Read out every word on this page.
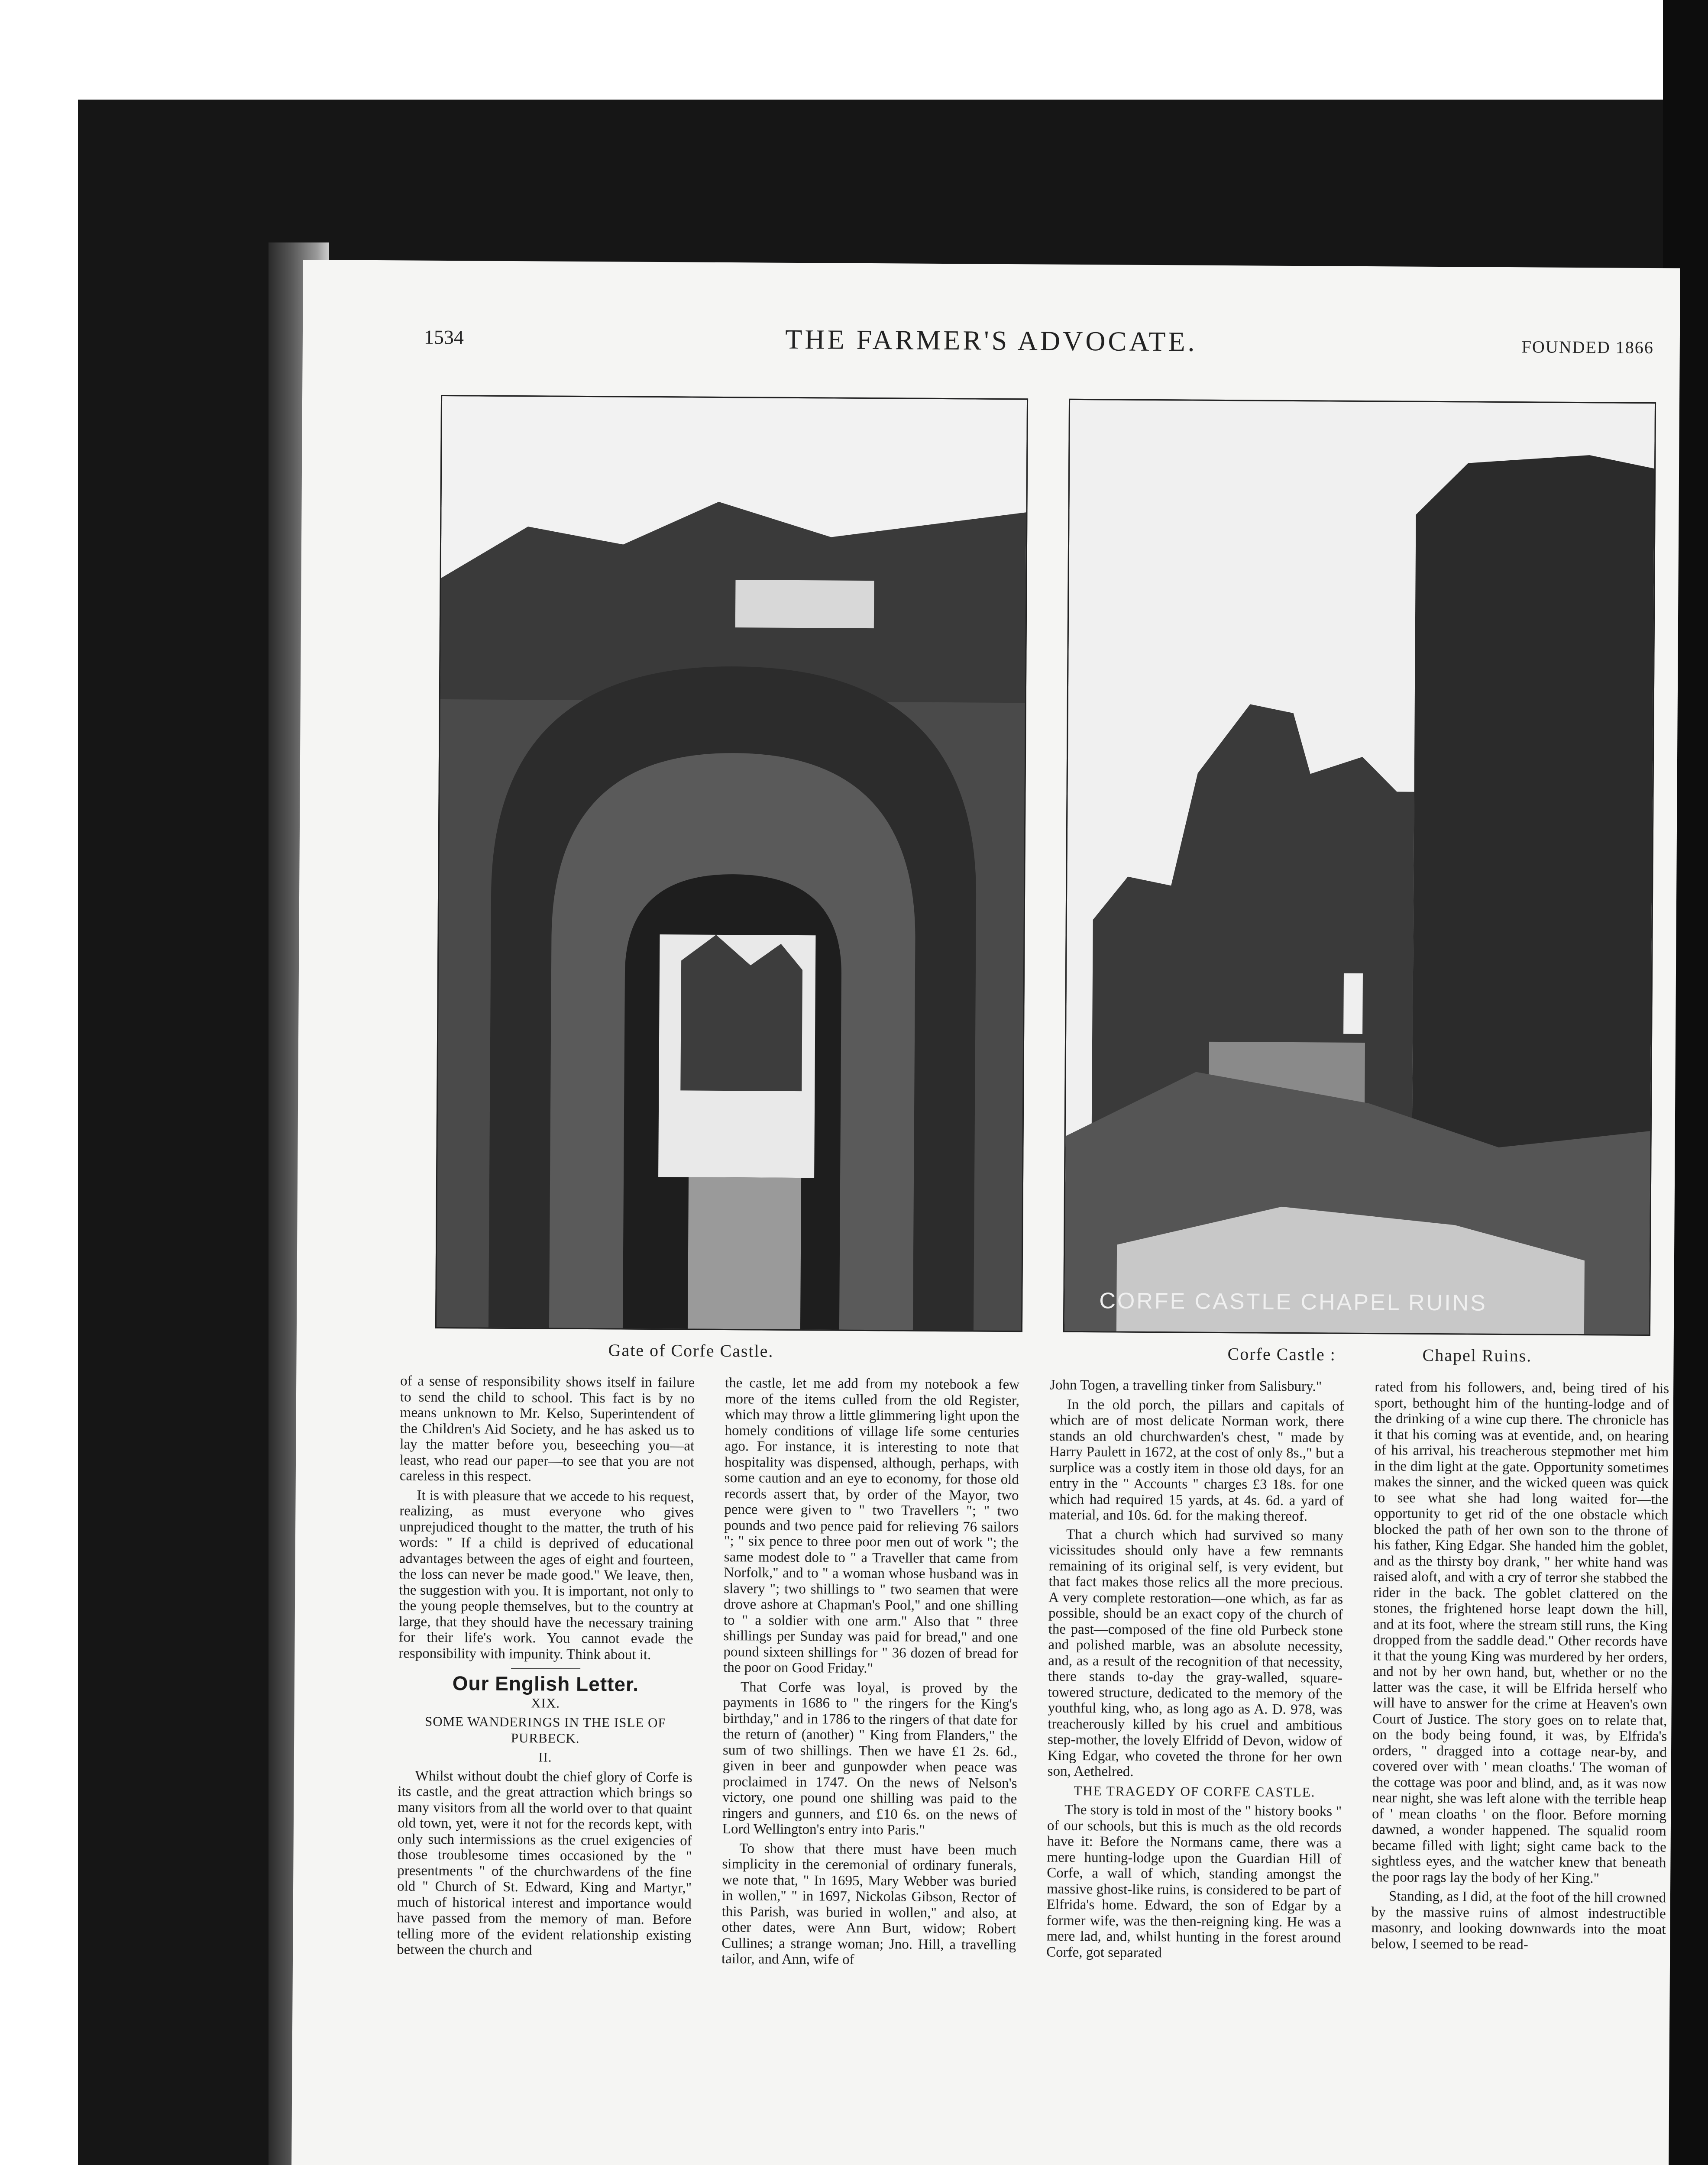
1534	THE FARMER'S ADVOCATE.	FOUNDED 1866
CORFE CASTLE CHAPEL RUINS
Gate of Corfe Castle.	Corfe Castle :	Chapel Ruins.

of a sense of responsibility shows itself in failure to send the child to school. This fact is by no means unknown to Mr. Kelso, Superintendent of the Children's Aid Society, and he has asked us to lay the matter before you, beseeching you—at least, who read our paper—to see that you are not careless in this respect.

It is with pleasure that we accede to his request, realizing, as must everyone who gives unprejudiced thought to the matter, the truth of his words: " If a child is deprived of educational advantages between the ages of eight and fourteen, the loss can never be made good." We leave, then, the suggestion with you. It is important, not only to the young people themselves, but to the country at large, that they should have the necessary training for their life's work. You cannot evade the responsibility with impunity. Think about it.

Our English Letter.

XIX.

SOME WANDERINGS IN THE ISLE OF PURBECK.

II.

Whilst without doubt the chief glory of Corfe is its castle, and the great attraction which brings so many visitors from all the world over to that quaint old town, yet, were it not for the records kept, with only such intermissions as the cruel exigencies of those troublesome times occasioned by the " presentments " of the churchwardens of the fine old " Church of St. Edward, King and Martyr," much of historical interest and importance would have passed from the memory of man. Before telling more of the evident relationship existing between the church and

the castle, let me add from my notebook a few more of the items culled from the old Register, which may throw a little glimmering light upon the homely conditions of village life some centuries ago. For instance, it is interesting to note that hospitality was dispensed, although, perhaps, with some caution and an eye to economy, for those old records assert that, by order of the Mayor, two pence were given to " two Travellers "; " two pounds and two pence paid for relieving 76 sailors "; " six pence to three poor men out of work "; the same modest dole to " a Traveller that came from Norfolk," and to " a woman whose husband was in slavery "; two shillings to " two seamen that were drove ashore at Chapman's Pool," and one shilling to " a soldier with one arm." Also that " three shillings per Sunday was paid for bread," and one pound sixteen shillings for " 36 dozen of bread for the poor on Good Friday."

That Corfe was loyal, is proved by the payments in 1686 to " the ringers for the King's birthday," and in 1786 to the ringers of that date for the return of (another) " King from Flanders," the sum of two shillings. Then we have £1 2s. 6d., given in beer and gunpowder when peace was proclaimed in 1747. On the news of Nelson's victory, one pound one shilling was paid to the ringers and gunners, and £10 6s. on the news of Lord Wellington's entry into Paris."

To show that there must have been much simplicity in the ceremonial of ordinary funerals, we note that, " In 1695, Mary Webber was buried in wollen," " in 1697, Nickolas Gibson, Rector of this Parish, was buried in wollen," and also, at other dates, were Ann Burt, widow; Robert Cullines; a strange woman; Jno. Hill, a travelling tailor, and Ann, wife of

John Togen, a travelling tinker from Salisbury."

In the old porch, the pillars and capitals of which are of most delicate Norman work, there stands an old churchwarden's chest, " made by Harry Paulett in 1672, at the cost of only 8s.," but a surplice was a costly item in those old days, for an entry in the " Accounts " charges £3 18s. for one which had required 15 yards, at 4s. 6d. a yard of material, and 10s. 6d. for the making thereof.

That a church which had survived so many vicissitudes should only have a few remnants remaining of its original self, is very evident, but that fact makes those relics all the more precious. A very complete restoration—one which, as far as possible, should be an exact copy of the church of the past—composed of the fine old Purbeck stone and polished marble, was an absolute necessity, and, as a result of the recognition of that necessity, there stands to-day the gray-walled, square-towered structure, dedicated to the memory of the youthful king, who, as long ago as A. D. 978, was treacherously killed by his cruel and ambitious step-mother, the lovely Elfridd of Devon, widow of King Edgar, who coveted the throne for her own son, Aethelred.

THE TRAGEDY OF CORFE CASTLE.

The story is told in most of the " history books " of our schools, but this is much as the old records have it: Before the Normans came, there was a mere hunting-lodge upon the Guardian Hill of Corfe, a wall of which, standing amongst the massive ghost-like ruins, is considered to be part of Elfrida's home. Edward, the son of Edgar by a former wife, was the then-reigning king. He was a mere lad, and, whilst hunting in the forest around Corfe, got separated

rated from his followers, and, being tired of his sport, bethought him of the hunting-lodge and of the drinking of a wine cup there. The chronicle has it that his coming was at eventide, and, on hearing of his arrival, his treacherous stepmother met him in the dim light at the gate. Opportunity sometimes makes the sinner, and the wicked queen was quick to see what she had long waited for—the opportunity to get rid of the one obstacle which blocked the path of her own son to the throne of his father, King Edgar. She handed him the goblet, and as the thirsty boy drank, " her white hand was raised aloft, and with a cry of terror she stabbed the rider in the back. The goblet clattered on the stones, the frightened horse leapt down the hill, and at its foot, where the stream still runs, the King dropped from the saddle dead." Other records have it that the young King was murdered by her orders, and not by her own hand, but, whether or no the latter was the case, it will be Elfrida herself who will have to answer for the crime at Heaven's own Court of Justice. The story goes on to relate that, on the body being found, it was, by Elfrida's orders, " dragged into a cottage near-by, and covered over with ' mean cloaths.' The woman of the cottage was poor and blind, and, as it was now near night, she was left alone with the terrible heap of ' mean cloaths ' on the floor. Before morning dawned, a wonder happened. The squalid room became filled with light; sight came back to the sightless eyes, and the watcher knew that beneath the poor rags lay the body of her King."

Standing, as I did, at the foot of the hill crowned by the massive ruins of almost indestructible masonry, and looking downwards into the moat below, I seemed to be read-
